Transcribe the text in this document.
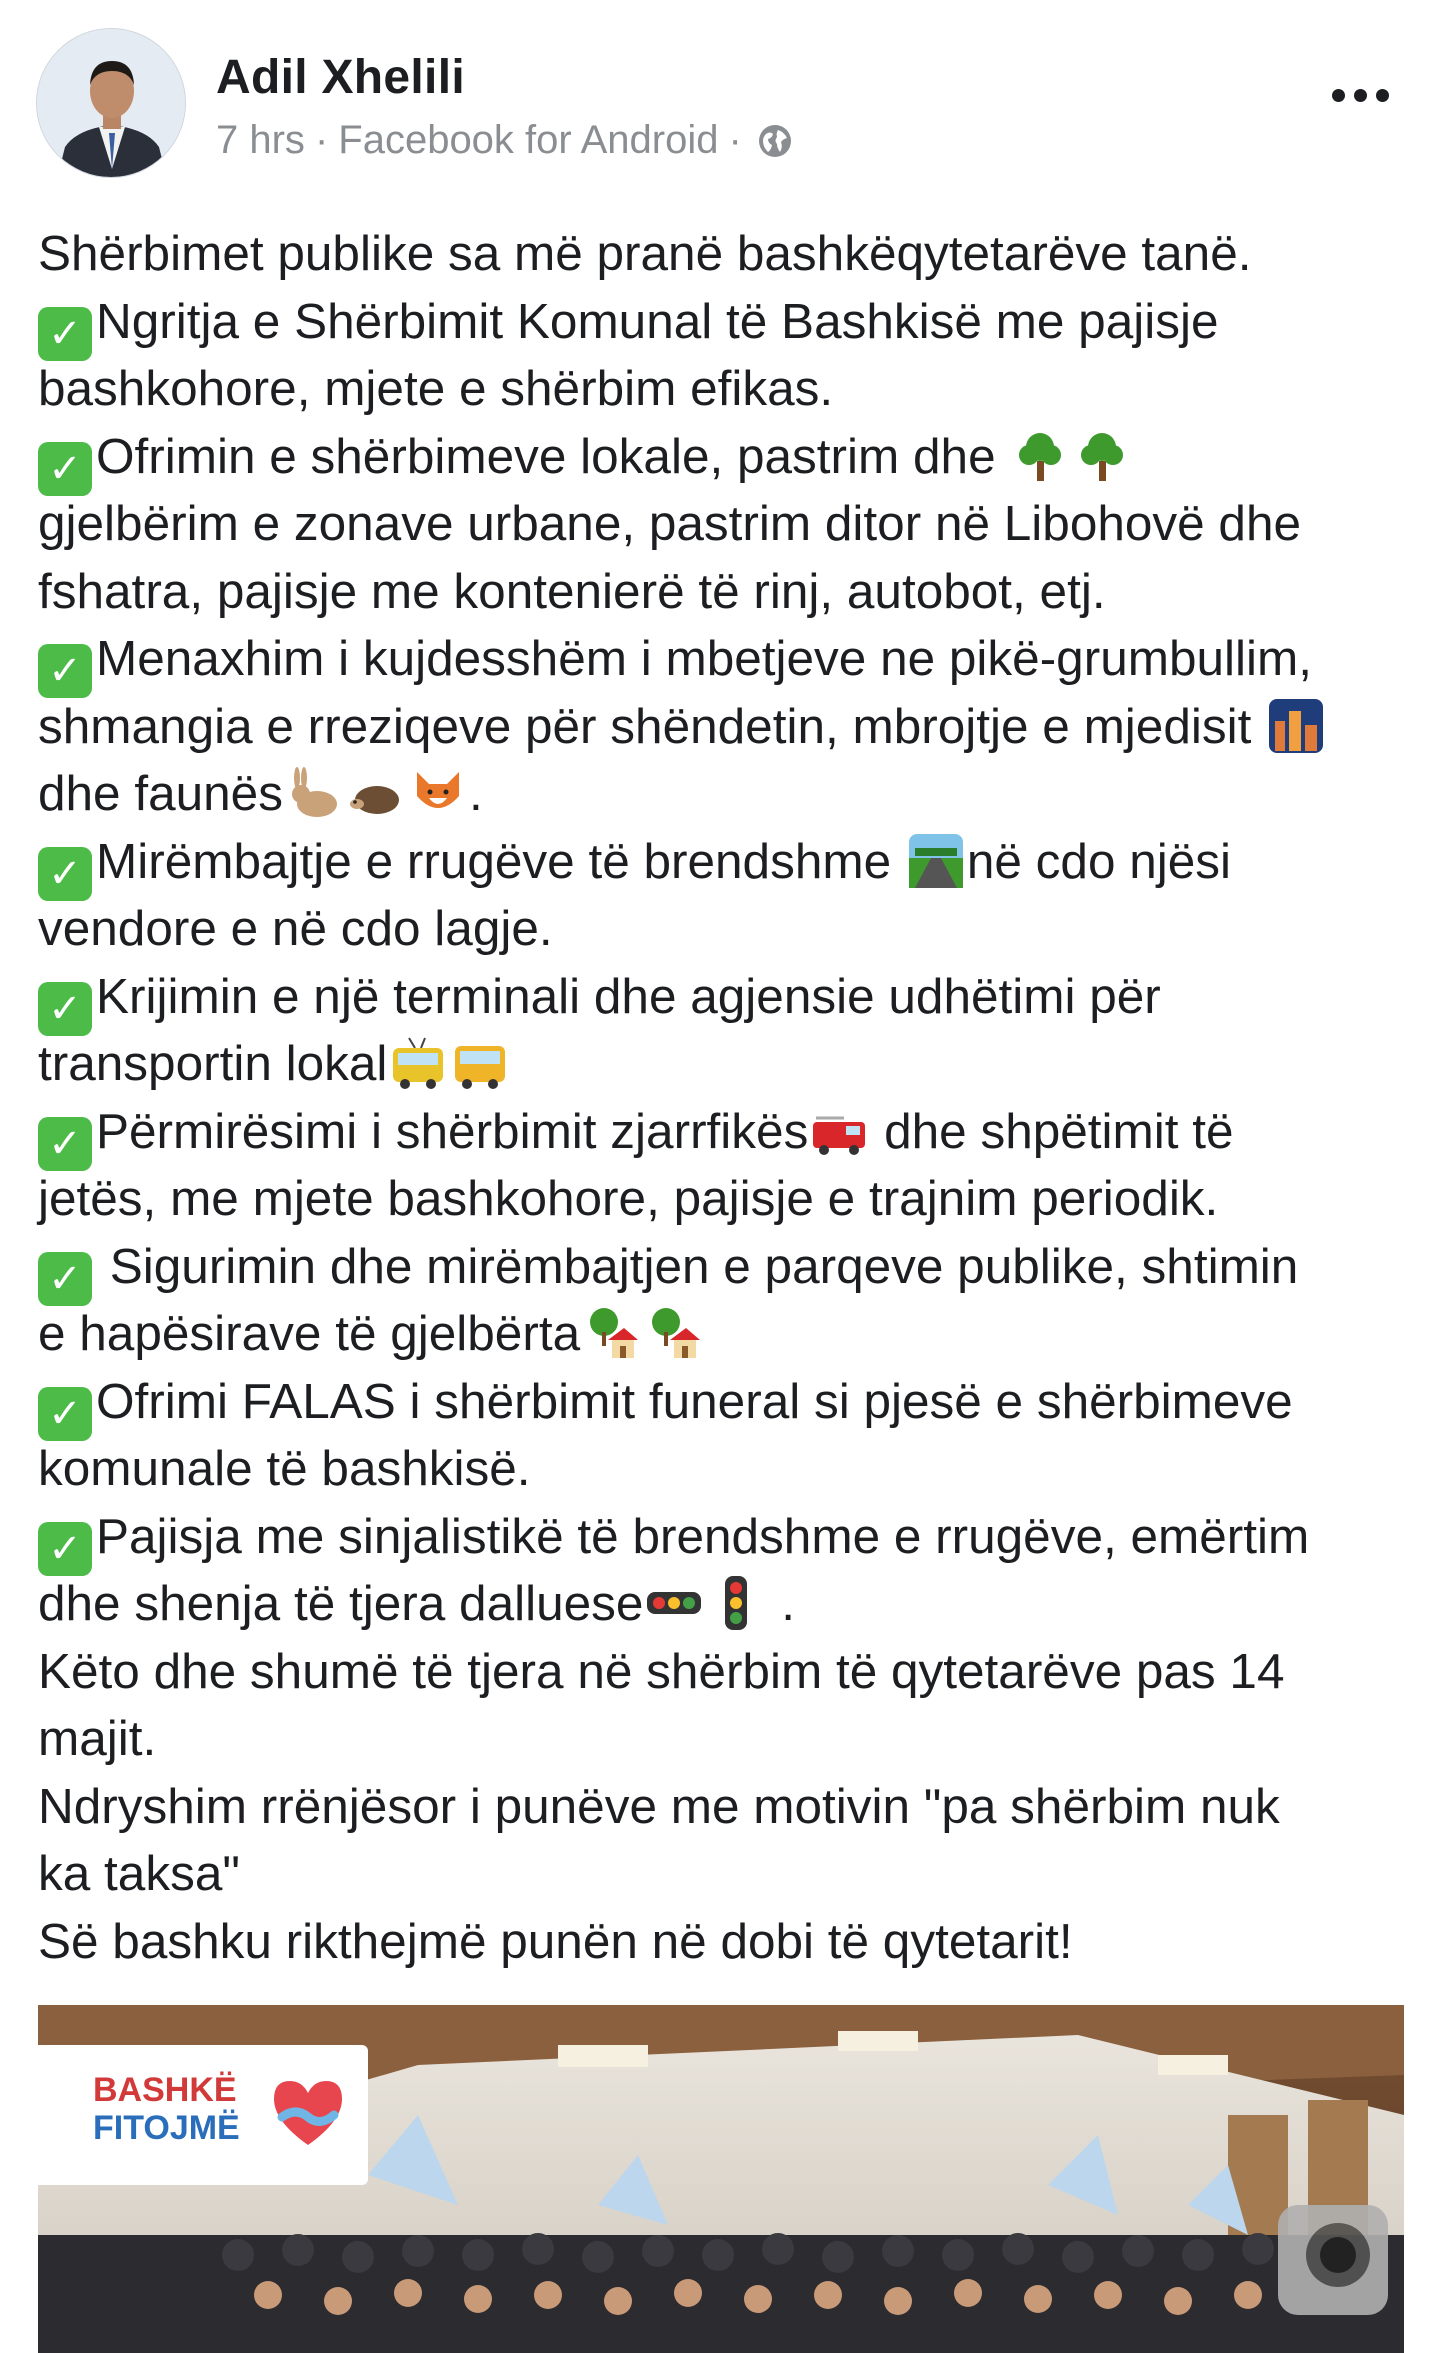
Adil Xhelili
7 hrs · Facebook for Android ·
Shërbimet publike sa më pranë bashkëqytetarëve tanë.
✓ Ngritja e Shërbimit Komunal të Bashkisë me pajisje
bashkohore, mjete e shërbim efikas.
✓ Ofrimin e shërbimeve lokale, pastrim dhe
gjelbërim e zonave urbane, pastrim ditor në Libohovë dhe
fshatra, pajisje me kontenierë të rinj, autobot, etj.
✓ Menaxhim i kujdesshëm i mbetjeve ne pikë-grumbullim,
shmangia e rreziqeve për shëndetin, mbrojtje e mjedisit
dhe faunës	.
✓ Mirëmbajtje e rrugëve të brendshme në cdo njësi
vendore e në cdo lagje.
✓ Krijimin e një terminali dhe agjensie udhëtimi për
transportin lokal
✓ Përmirësimi i shërbimit zjarrfikës dhe shpëtimit të
jetës, me mjete bashkohore, pajisje e trajnim periodik.
✓ Sigurimin dhe mirëmbajtjen e parqeve publike, shtimin
e hapësirave të gjelbërta
✓ Ofrimi FALAS i shërbimit funeral si pjesë e shërbimeve
komunale të bashkisë.
✓ Pajisja me sinjalistikë të brendshme e rrugëve, emërtim
dhe shenja të tjera dalluese	.
Këto dhe shumë të tjera në shërbim të qytetarëve pas 14
majit.
Ndryshim rrënjësor i punëve me motivin "pa shërbim nuk
ka taksa"
Së bashku rikthejmë punën në dobi të qytetarit!
BASHKË
FITOJMË
